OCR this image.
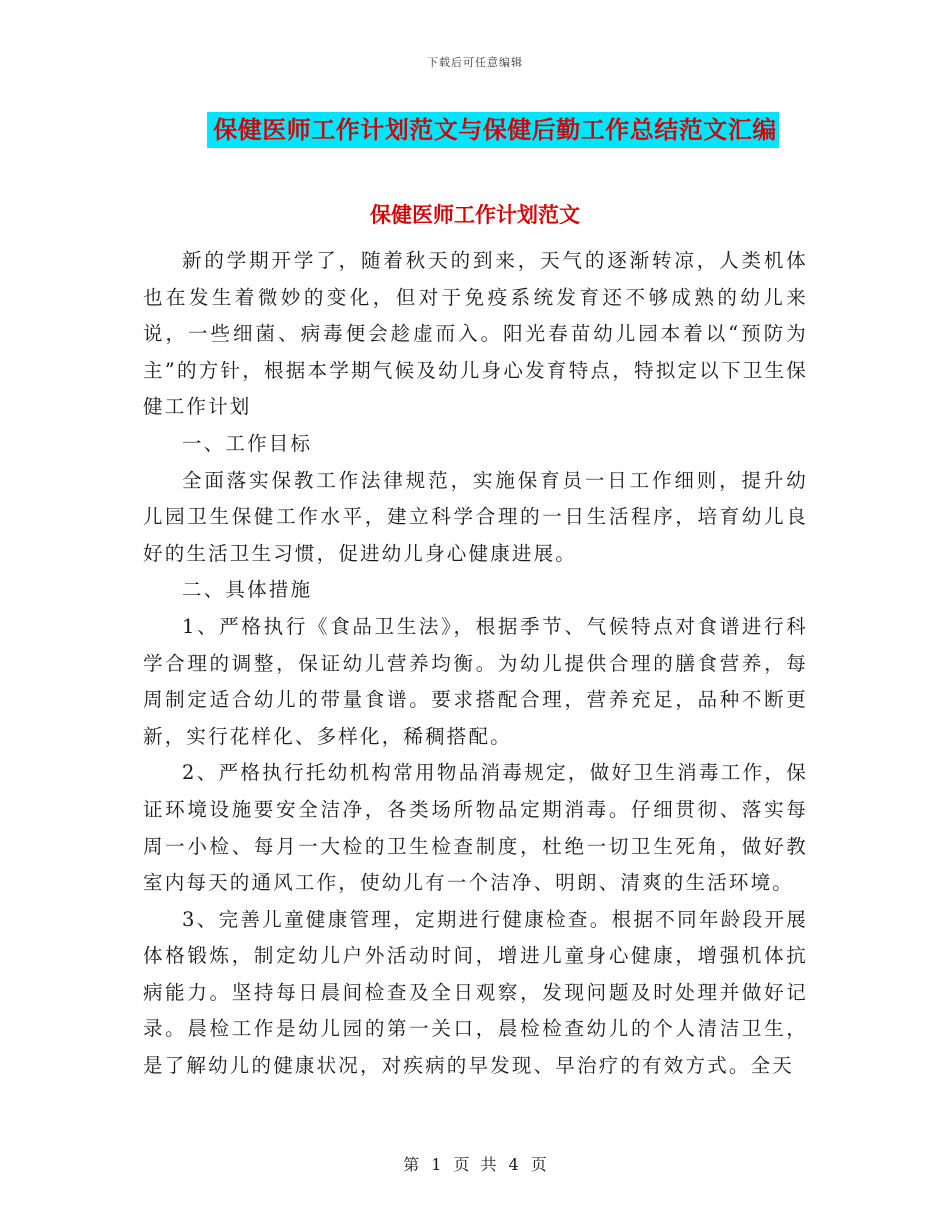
下载后可任意编辑
保健医师工作计划范文与保健后勤工作总结范文汇编
保健医师工作计划范文

新的学期开学了，随着秋天的到来，天气的逐渐转凉，人类机体也在发生着微妙的变化，但对于免疫系统发育还不够成熟的幼儿来说，一些细菌、病毒便会趁虚而入。阳光春苗幼儿园本着以“预防为主”的方针，根据本学期气候及幼儿身心发育特点，特拟定以下卫生保健工作计划

一、工作目标

全面落实保教工作法律规范，实施保育员一日工作细则，提升幼儿园卫生保健工作水平，建立科学合理的一日生活程序，培育幼儿良好的生活卫生习惯，促进幼儿身心健康进展。

二、具体措施

1、严格执行《食品卫生法》，根据季节、气候特点对食谱进行科学合理的调整，保证幼儿营养均衡。为幼儿提供合理的膳食营养，每周制定适合幼儿的带量食谱。要求搭配合理，营养充足，品种不断更新，实行花样化、多样化，稀稠搭配。

2、严格执行托幼机构常用物品消毒规定，做好卫生消毒工作，保证环境设施要安全洁净，各类场所物品定期消毒。仔细贯彻、落实每周一小检、每月一大检的卫生检查制度，杜绝一切卫生死角，做好教室内每天的通风工作，使幼儿有一个洁净、明朗、清爽的生活环境。

3、完善儿童健康管理，定期进行健康检查。根据不同年龄段开展体格锻炼，制定幼儿户外活动时间，增进儿童身心健康，增强机体抗病能力。坚持每日晨间检查及全日观察，发现问题及时处理并做好记录。晨检工作是幼儿园的第一关口，晨检检查幼儿的个人清洁卫生，是了解幼儿的健康状况，对疾病的早发现、早治疗的有效方式。全天

第 1 页 共 4 页
